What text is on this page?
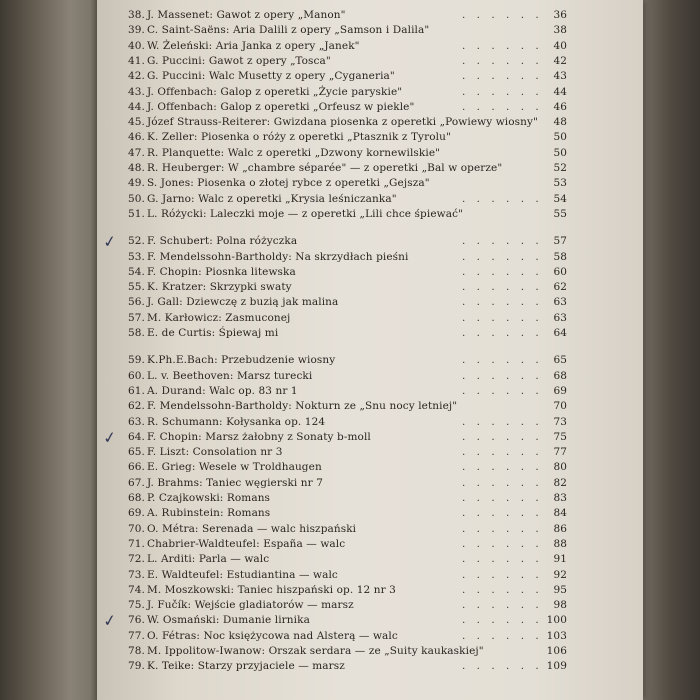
38. J. Massenet: Gawot z opery „Manon"	. . . . . .	36
39. C. Saint-Saëns: Aria Dalili z opery „Samson i Dalila"	38
40. W. Żeleński: Aria Janka z opery „Janek"	. . . . . .	40
41. G. Puccini: Gawot z opery „Tosca"	. . . . . .	42
42. G. Puccini: Walc Musetty z opery „Cyganeria"	. . . . . .	43
43. J. Offenbach: Galop z operetki „Życie paryskie"	. . . . . .	44
44. J. Offenbach: Galop z operetki „Orfeusz w piekle"	. . . . . .	46
45. Józef Strauss-Reiterer: Gwizdana piosenka z operetki „Powiewy wiosny"	48
46. K. Zeller: Piosenka o róży z operetki „Ptasznik z Tyrolu"	50
47. R. Planquette: Walc z operetki „Dzwony kornewilskie"	50
48. R. Heuberger: W „chambre séparée" — z operetki „Bal w operze"	52
49. S. Jones: Piosenka o złotej rybce z operetki „Gejsza"	53
50. G. Jarno: Walc z operetki „Krysia leśniczanka"	. . . . . .	54
51. L. Różycki: Laleczki moje — z operetki „Lili chce śpiewać"	55
52. F. Schubert: Polna różyczka	. . . . . .	57
✓
53. F. Mendelssohn-Bartholdy: Na skrzydłach pieśni	. . . . . .	58
54. F. Chopin: Piosnka litewska	. . . . . .	60
55. K. Kratzer: Skrzypki swaty	. . . . . .	62
56. J. Gall: Dziewczę z buzią jak malina	. . . . . .	63
57. M. Karłowicz: Zasmuconej	. . . . . .	63
58. E. de Curtis: Śpiewaj mi	. . . . . .	64
59. K.Ph.E.Bach: Przebudzenie wiosny	. . . . . .	65
60. L. v. Beethoven: Marsz turecki	. . . . . .	68
61. A. Durand: Walc op. 83 nr 1	. . . . . .	69
62. F. Mendelssohn-Bartholdy: Nokturn ze „Snu nocy letniej"	70
63. R. Schumann: Kołysanka op. 124	. . . . . .	73
64. F. Chopin: Marsz żałobny z Sonaty b-moll	. . . . . .	75
✓
65. F. Liszt: Consolation nr 3	. . . . . .	77
66. E. Grieg: Wesele w Troldhaugen	. . . . . .	80
67. J. Brahms: Taniec węgierski nr 7	. . . . . .	82
68. P. Czajkowski: Romans	. . . . . .	83
69. A. Rubinstein: Romans	. . . . . .	84
70. O. Métra: Serenada — walc hiszpański	. . . . . .	86
71. Chabrier-Waldteufel: España — walc	. . . . . .	88
72. L. Arditi: Parla — walc	. . . . . .	91
73. E. Waldteufel: Estudiantina — walc	. . . . . .	92
74. M. Moszkowski: Taniec hiszpański op. 12 nr 3	. . . . . .	95
75. J. Fučík: Wejście gladiatorów — marsz	. . . . . .	98
76. W. Osmański: Dumanie lirnika	. . . . . . 100
✓
77. O. Fétras: Noc księżycowa nad Alsterą — walc	. . . . . . 103
78. M. Ippolitow-Iwanow: Orszak serdara — ze „Suity kaukaskiej"	106
79. K. Teike: Starzy przyjaciele — marsz	. . . . . . 109
